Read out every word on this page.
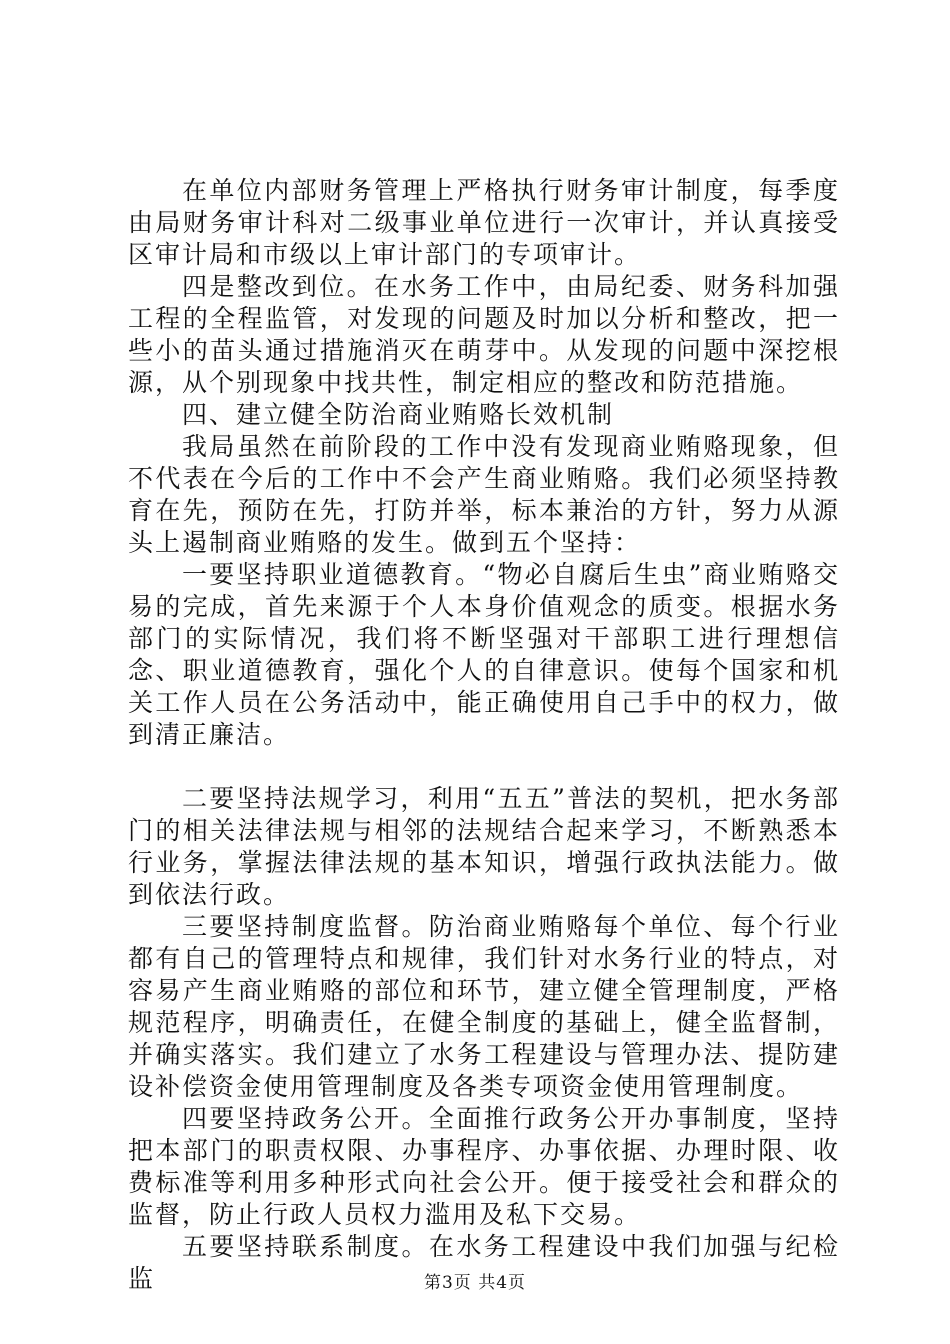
在单位内部财务管理上严格执行财务审计制度，每季度由局财务审计科对二级事业单位进行一次审计，并认真接受区审计局和市级以上审计部门的专项审计。

四是整改到位。在水务工作中，由局纪委、财务科加强工程的全程监管，对发现的问题及时加以分析和整改，把一些小的苗头通过措施消灭在萌芽中。从发现的问题中深挖根源，从个别现象中找共性，制定相应的整改和防范措施。

四、建立健全防治商业贿赂长效机制

我局虽然在前阶段的工作中没有发现商业贿赂现象，但不代表在今后的工作中不会产生商业贿赂。我们必须坚持教育在先，预防在先，打防并举，标本兼治的方针，努力从源头上遏制商业贿赂的发生。做到五个坚持：

一要坚持职业道德教育。“物必自腐后生虫”商业贿赂交易的完成，首先来源于个人本身价值观念的质变。根据水务部门的实际情况，我们将不断坚强对干部职工进行理想信念、职业道德教育，强化个人的自律意识。使每个国家和机关工作人员在公务活动中，能正确使用自己手中的权力，做到清正廉洁。

二要坚持法规学习，利用“五五”普法的契机，把水务部门的相关法律法规与相邻的法规结合起来学习，不断熟悉本行业务，掌握法律法规的基本知识，增强行政执法能力。做到依法行政。

三要坚持制度监督。防治商业贿赂每个单位、每个行业都有自己的管理特点和规律，我们针对水务行业的特点，对容易产生商业贿赂的部位和环节，建立健全管理制度，严格规范程序，明确责任，在健全制度的基础上，健全监督制，并确实落实。我们建立了水务工程建设与管理办法、提防建设补偿资金使用管理制度及各类专项资金使用管理制度。

四要坚持政务公开。全面推行政务公开办事制度，坚持把本部门的职责权限、办事程序、办事依据、办理时限、收费标准等利用多种形式向社会公开。便于接受社会和群众的监督，防止行政人员权力滥用及私下交易。

五要坚持联系制度。在水务工程建设中我们加强与纪检监	第3页 共4页
